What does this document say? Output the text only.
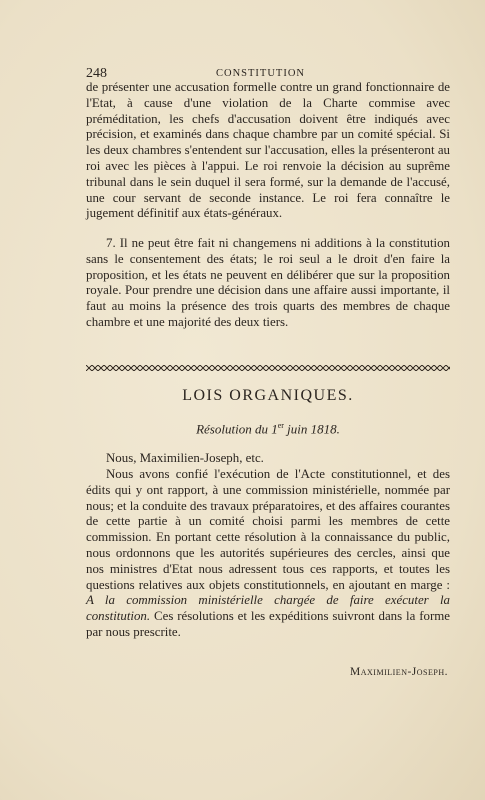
248	CONSTITUTION

de présenter une accusation formelle contre un grand fonctionnaire de l'Etat, à cause d'une violation de la Charte commise avec préméditation, les chefs d'accusation doivent être indiqués avec précision, et examinés dans chaque chambre par un comité spécial. Si les deux chambres s'entendent sur l'accusation, elles la présenteront au roi avec les pièces à l'appui. Le roi renvoie la décision au suprême tribunal dans le sein duquel il sera formé, sur la demande de l'accusé, une cour servant de seconde instance. Le roi fera connaître le jugement définitif aux états-généraux.

7. Il ne peut être fait ni changemens ni additions à la constitution sans le consentement des états; le roi seul a le droit d'en faire la proposition, et les états ne peuvent en délibérer que sur la proposition royale. Pour prendre une décision dans une affaire aussi importante, il faut au moins la présence des trois quarts des membres de chaque chambre et une majorité des deux tiers.

LOIS ORGANIQUES.
Résolution du 1er juin 1818.

Nous, Maximilien-Joseph, etc.

Nous avons confié l'exécution de l'Acte constitutionnel, et des édits qui y ont rapport, à une commission ministérielle, nommée par nous; et la conduite des travaux préparatoires, et des affaires courantes de cette partie à un comité choisi parmi les membres de cette commission. En portant cette résolution à la connaissance du public, nous ordonnons que les autorités supérieures des cercles, ainsi que nos ministres d'Etat nous adressent tous ces rapports, et toutes les questions relatives aux objets constitutionnels, en ajoutant en marge : A la commission ministérielle chargée de faire exécuter la constitution. Ces résolutions et les expéditions suivront dans la forme par nous prescrite.

Maximilien-Joseph.
